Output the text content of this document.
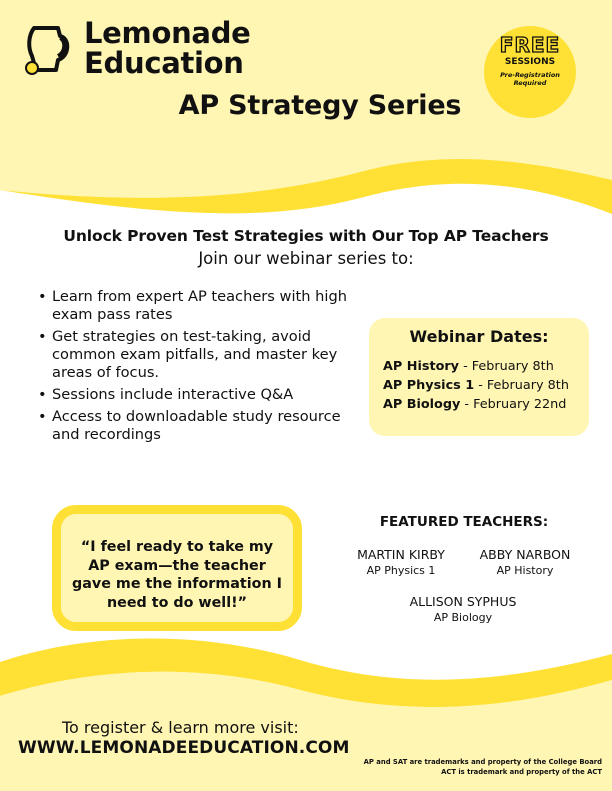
Lemonade
Education
AP Strategy Series
FREE
SESSIONS
Pre-Registration
Required
Unlock Proven Test Strategies with Our Top AP Teachers
Join our webinar series to:
• Learn from expert AP teachers with high exam pass rates
• Get strategies on test-taking, avoid common exam pitfalls, and master key areas of focus.
• Sessions include interactive Q&A
• Access to downloadable study resource and recordings
Webinar Dates:
AP History - February 8th
AP Physics 1 - February 8th
AP Biology - February 22nd
“I feel ready to take my AP exam—the teacher gave me the information I need to do well!”
FEATURED TEACHERS:
MARTIN KIRBY
AP Physics 1
ABBY NARBON
AP History
ALLISON SYPHUS
AP Biology
To register & learn more visit:
WWW.LEMONADEEDUCATION.COM
AP and SAT are trademarks and property of the College Board
ACT is trademark and property of the ACT
